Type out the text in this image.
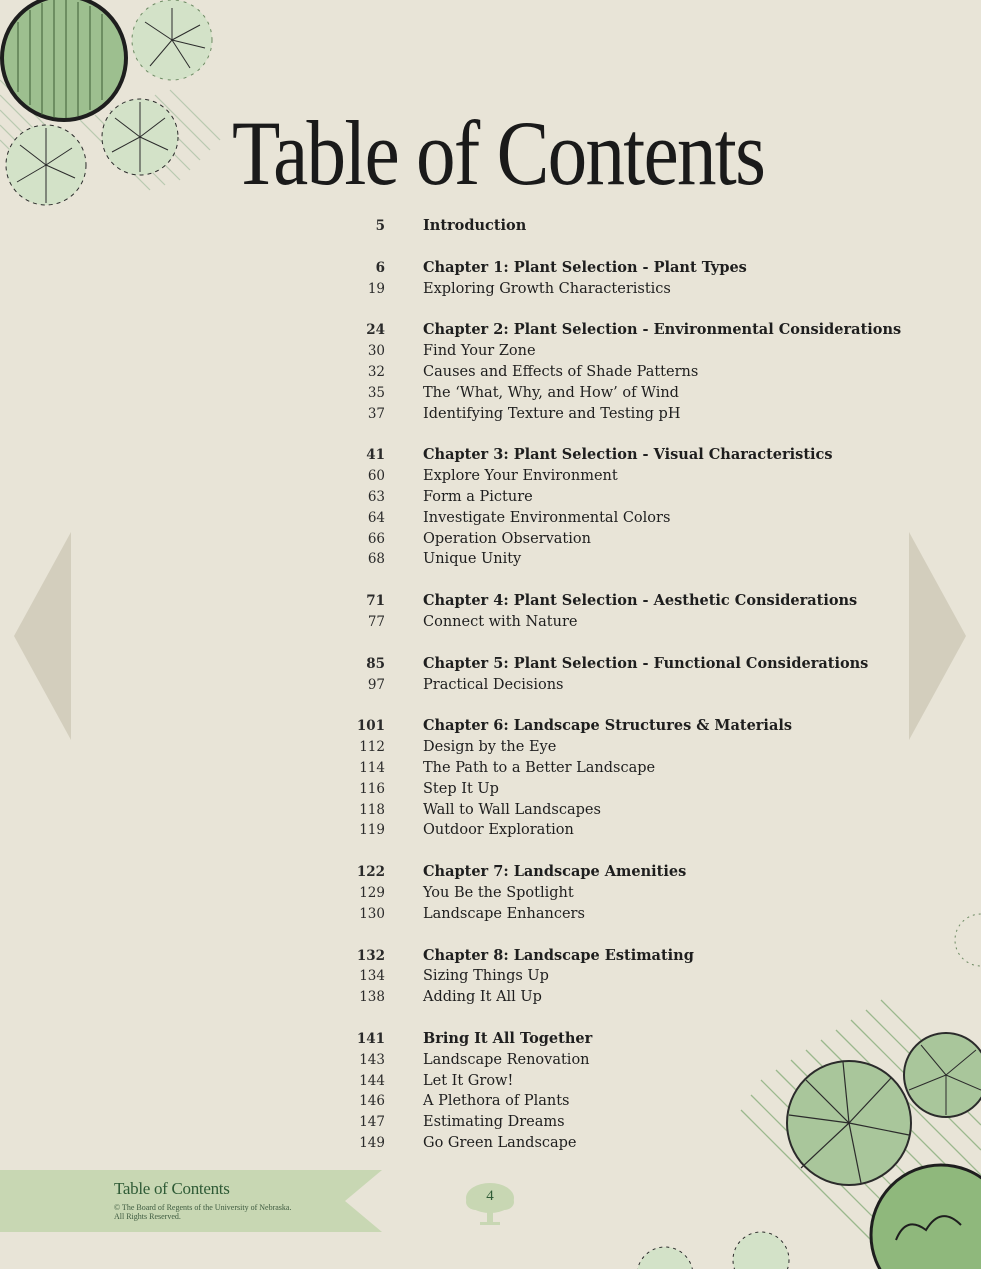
Table of Contents
5	Introduction
6	Chapter 1: Plant Selection - Plant Types
19	Exploring Growth Characteristics
24	Chapter 2: Plant Selection - Environmental Considerations
30	Find Your Zone
32	Causes and Effects of Shade Patterns
35	The ‘What, Why, and How’ of Wind
37	Identifying Texture and Testing pH
41	Chapter 3: Plant Selection - Visual Characteristics
60	Explore Your Environment
63	Form a Picture
64	Investigate Environmental Colors
66	Operation Observation
68	Unique Unity
71	Chapter 4: Plant Selection - Aesthetic Considerations
77	Connect with Nature
85	Chapter 5: Plant Selection - Functional Considerations
97	Practical Decisions
101	Chapter 6: Landscape Structures & Materials
112	Design by the Eye
114	The Path to a Better Landscape
116	Step It Up
118	Wall to Wall Landscapes
119	Outdoor Exploration
122	Chapter 7: Landscape Amenities
129	You Be the Spotlight
130	Landscape Enhancers
132	Chapter 8: Landscape Estimating
134	Sizing Things Up
138	Adding It All Up
141	Bring It All Together
143	Landscape Renovation
144	Let It Grow!
146	A Plethora of Plants
147	Estimating Dreams
149	Go Green Landscape
Table of Contents
© The Board of Regents of the University of Nebraska.
All Rights Reserved.
4
